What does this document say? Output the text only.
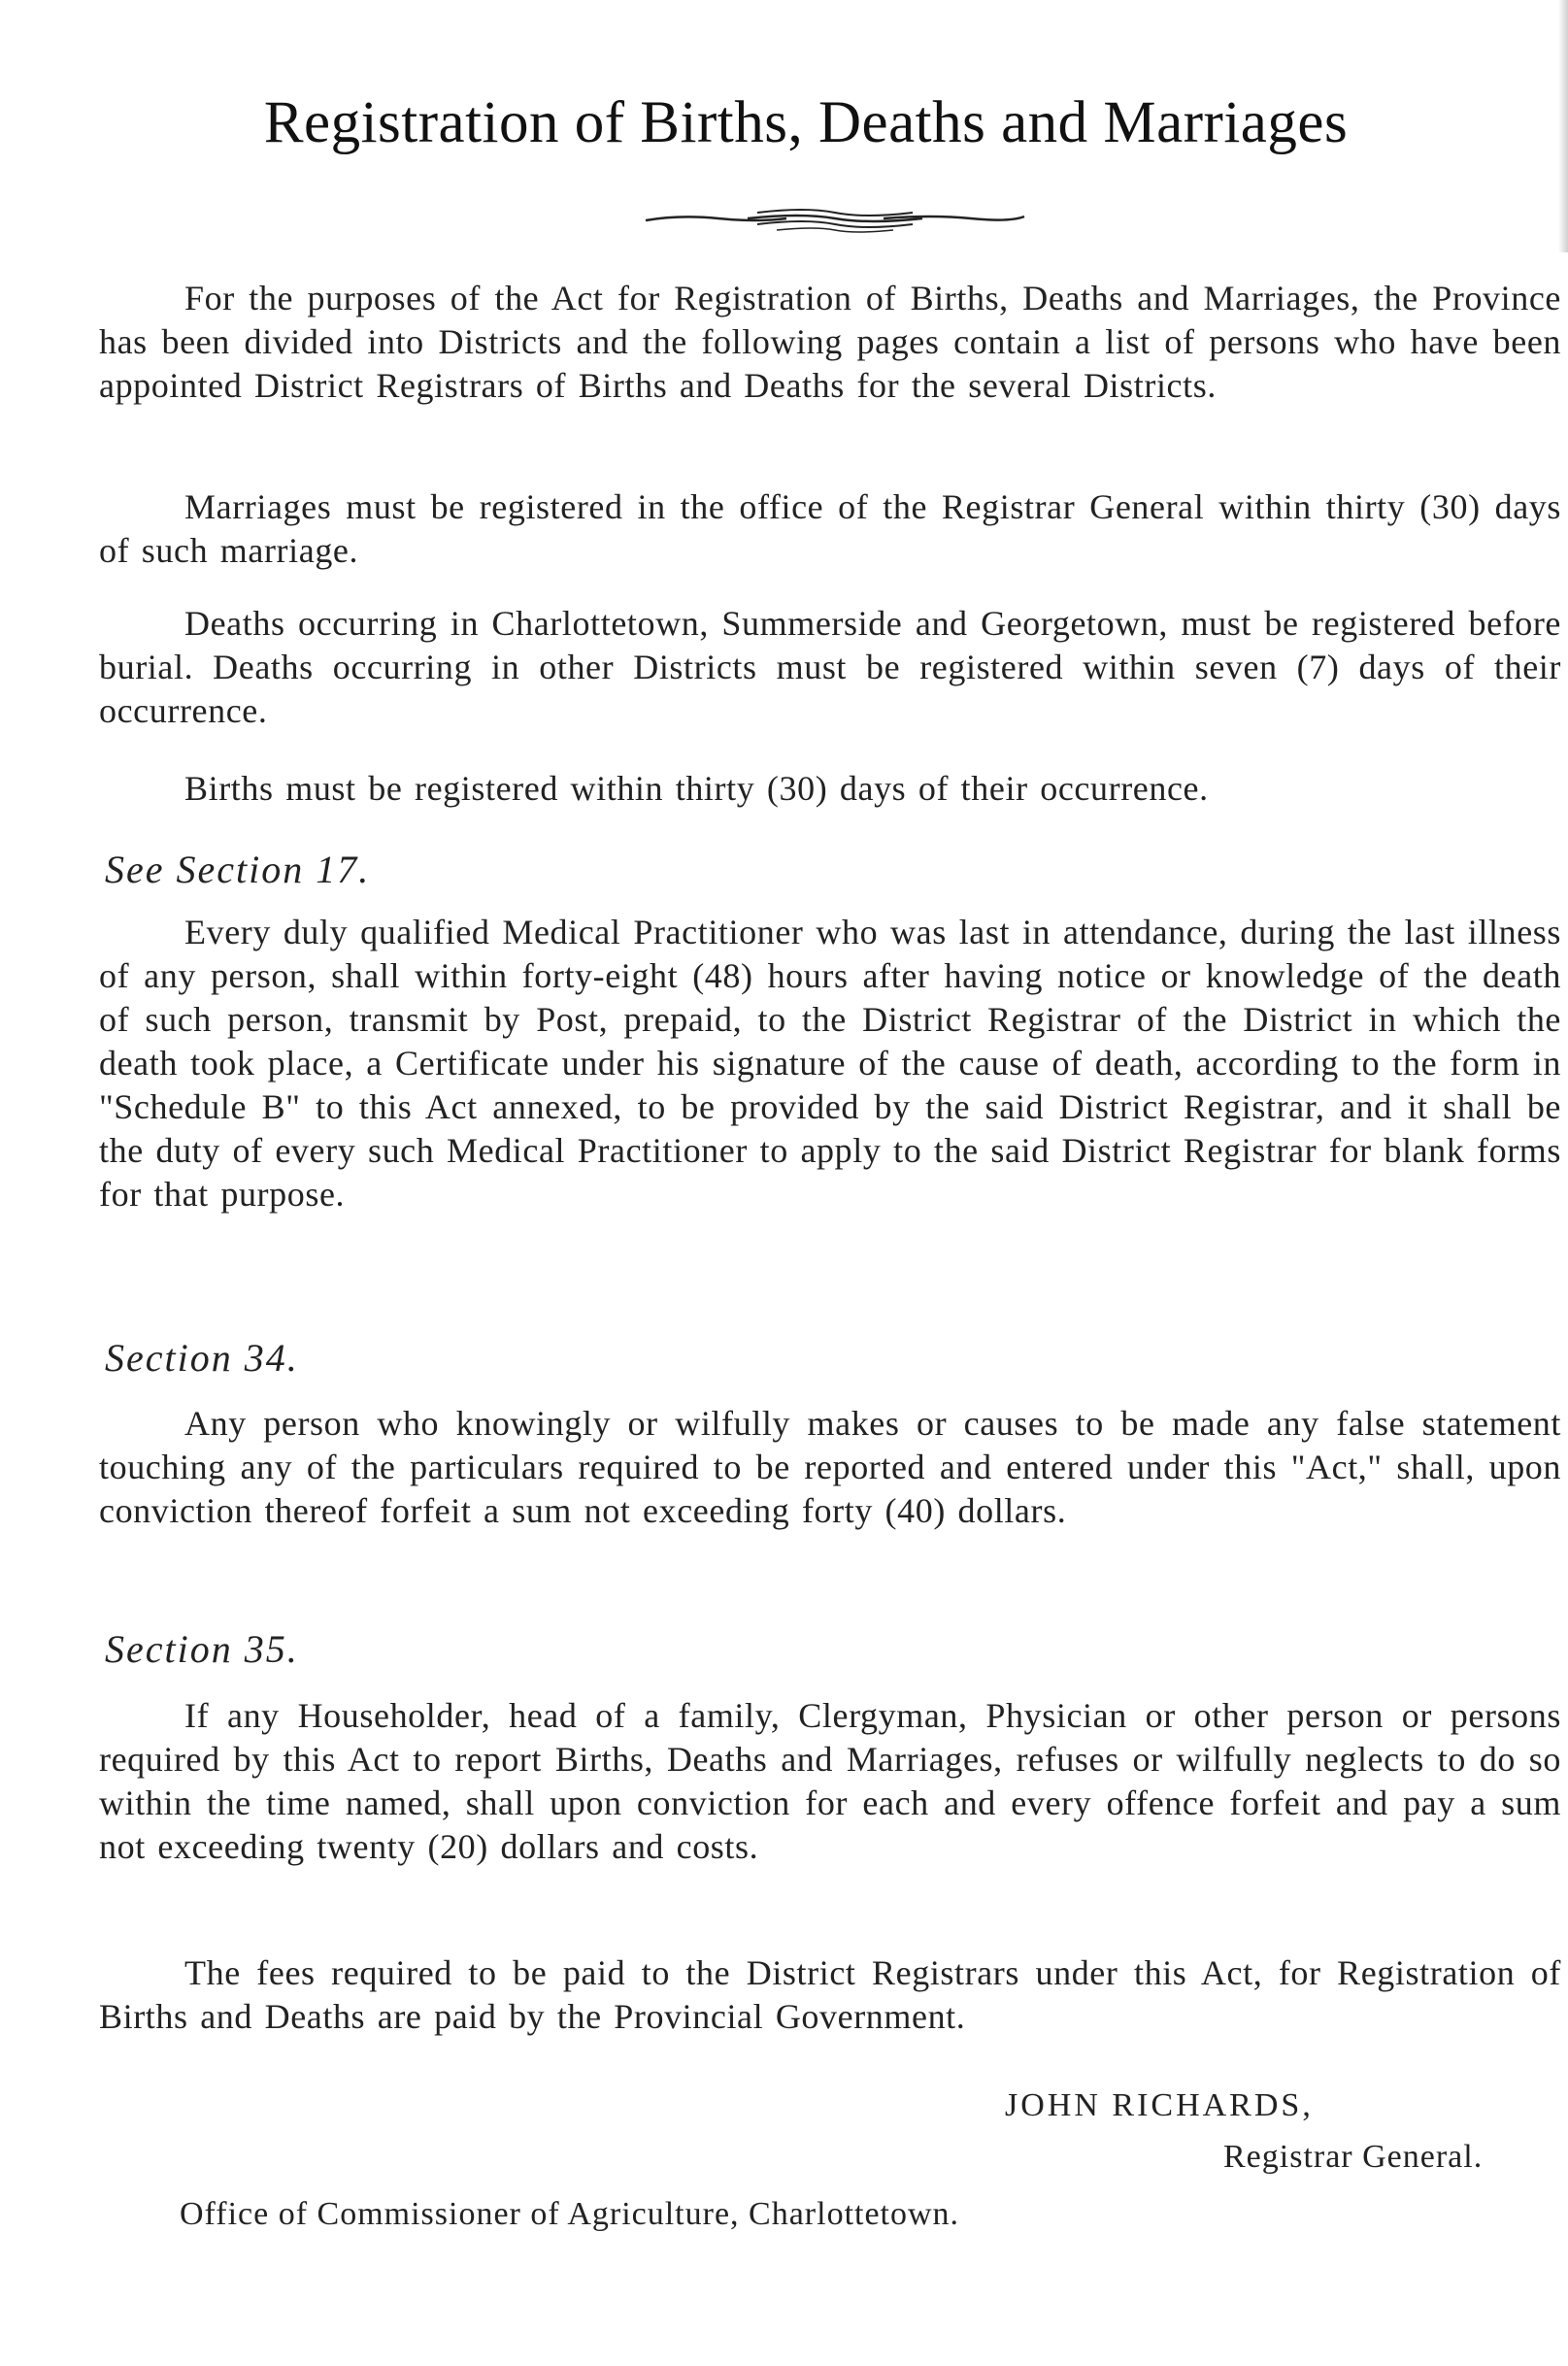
Registration of Births, Deaths and Marriages

For the purposes of the Act for Registration of Births, Deaths and Marriages, the Province has been divided into Districts and the following pages contain a list of persons who have been appointed District Registrars of Births and Deaths for the several Districts.

Marriages must be registered in the office of the Registrar General within thirty (30) days of such marriage.

Deaths occurring in Charlottetown, Summerside and Georgetown, must be registered before burial. Deaths occurring in other Districts must be registered within seven (7) days of their occurrence.

Births must be registered within thirty (30) days of their occurrence.

See Section 17.

Every duly qualified Medical Practitioner who was last in attendance, during the last illness of any person, shall within forty-eight (48) hours after having notice or knowledge of the death of such person, transmit by Post, prepaid, to the District Registrar of the District in which the death took place, a Certificate under his signature of the cause of death, according to the form in "Schedule B" to this Act annexed, to be provided by the said District Registrar, and it shall be the duty of every such Medical Practitioner to apply to the said District Registrar for blank forms for that purpose.

Section 34.

Any person who knowingly or wilfully makes or causes to be made any false statement touching any of the particulars required to be reported and entered under this "Act," shall, upon conviction thereof forfeit a sum not exceeding forty (40) dollars.

Section 35.

If any Householder, head of a family, Clergyman, Physician or other person or persons required by this Act to report Births, Deaths and Marriages, refuses or wilfully neglects to do so within the time named, shall upon conviction for each and every offence forfeit and pay a sum not exceeding twenty (20) dollars and costs.

The fees required to be paid to the District Registrars under this Act, for Registration of Births and Deaths are paid by the Provincial Government.

JOHN RICHARDS,

Registrar General.

Office of Commissioner of Agriculture, Charlottetown.
